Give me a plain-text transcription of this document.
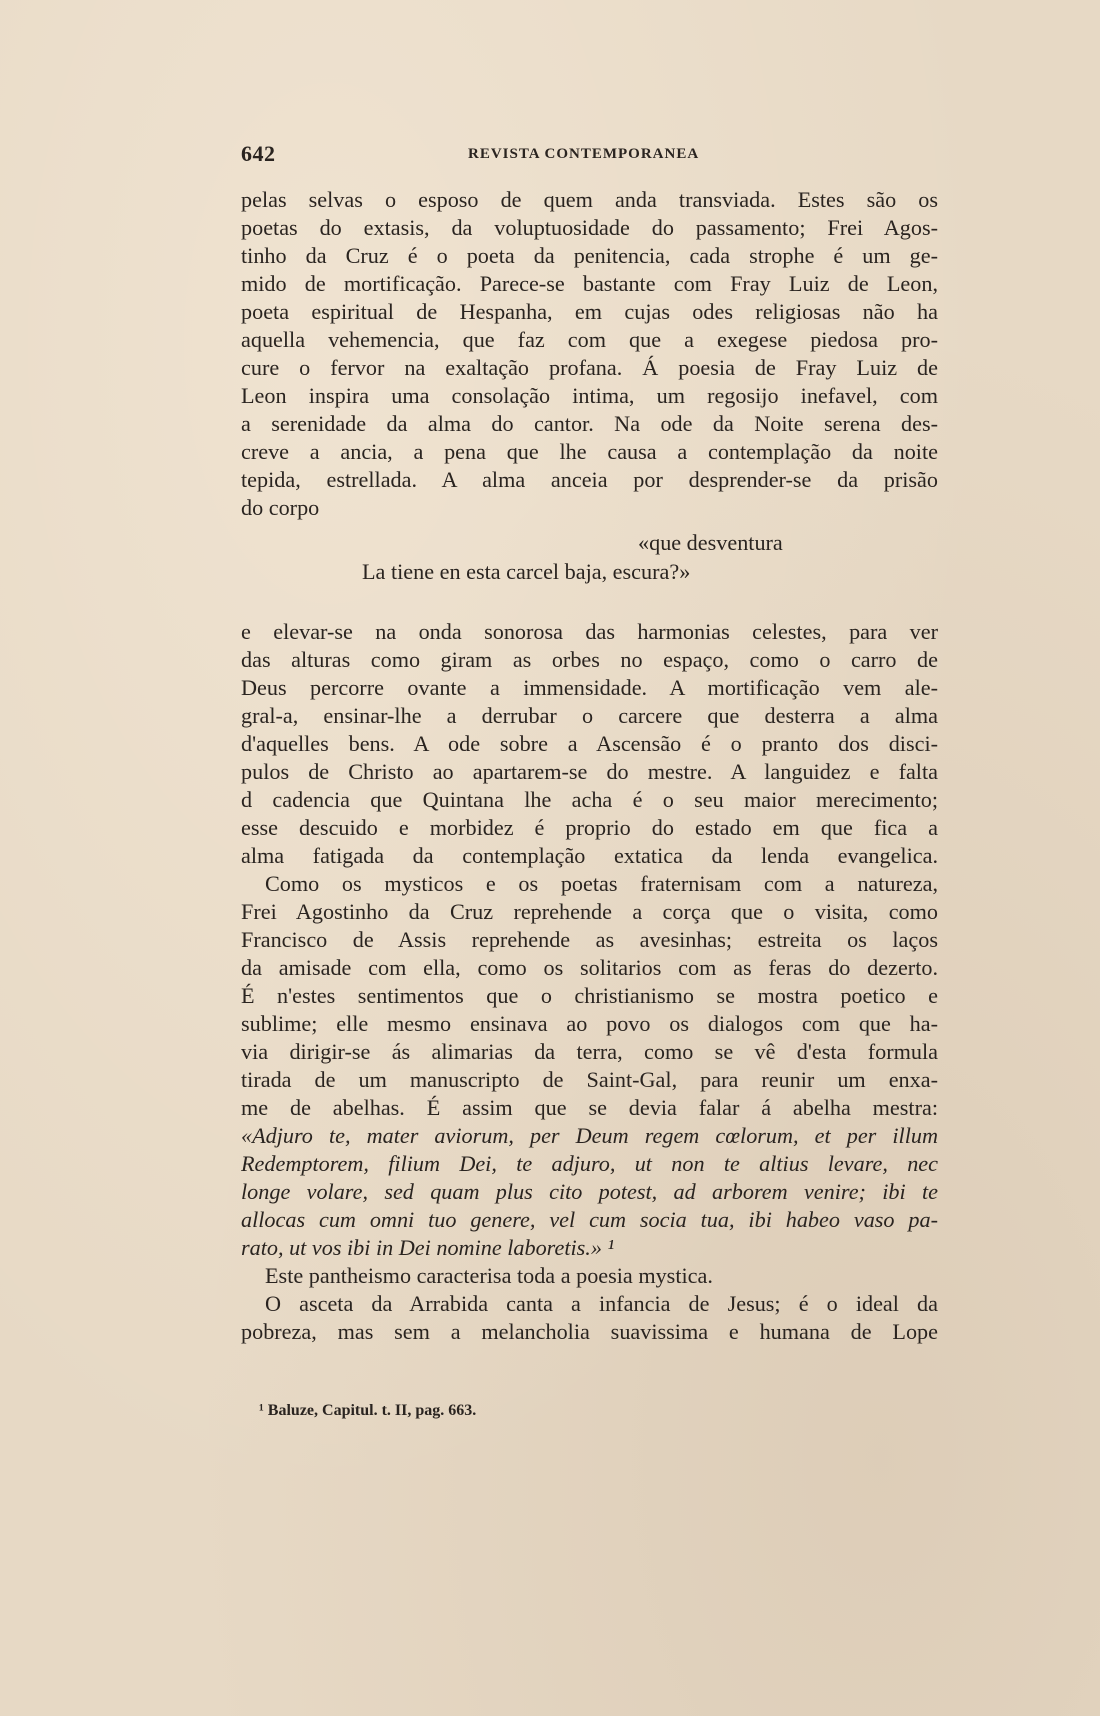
642	REVISTA CONTEMPORANEA
pelas selvas o esposo de quem anda transviada. Estes são os
poetas do extasis, da voluptuosidade do passamento; Frei Agos-
tinho da Cruz é o poeta da penitencia, cada strophe é um ge-
mido de mortificação. Parece-se bastante com Fray Luiz de Leon,
poeta espiritual de Hespanha, em cujas odes religiosas não ha
aquella vehemencia, que faz com que a exegese piedosa pro-
cure o fervor na exaltação profana. Á poesia de Fray Luiz de
Leon inspira uma consolação intima, um regosijo inefavel, com
a serenidade da alma do cantor. Na ode da Noite serena des-
creve a ancia, a pena que lhe causa a contemplação da noite
tepida, estrellada. A alma anceia por desprender-se da prisão
do corpo
«que desventura
La tiene en esta carcel baja, escura?»
e elevar-se na onda sonorosa das harmonias celestes, para ver
das alturas como giram as orbes no espaço, como o carro de
Deus percorre ovante a immensidade. A mortificação vem ale-
gral-a, ensinar-lhe a derrubar o carcere que desterra a alma
d'aquelles bens. A ode sobre a Ascensão é o pranto dos disci-
pulos de Christo ao apartarem-se do mestre. A languidez e falta
d cadencia que Quintana lhe acha é o seu maior merecimento;
esse descuido e morbidez é proprio do estado em que fica a
alma fatigada da contemplação extatica da lenda evangelica.
Como os mysticos e os poetas fraternisam com a natureza,
Frei Agostinho da Cruz reprehende a corça que o visita, como
Francisco de Assis reprehende as avesinhas; estreita os laços
da amisade com ella, como os solitarios com as feras do dezerto.
É n'estes sentimentos que o christianismo se mostra poetico e
sublime; elle mesmo ensinava ao povo os dialogos com que ha-
via dirigir-se ás alimarias da terra, como se vê d'esta formula
tirada de um manuscripto de Saint-Gal, para reunir um enxa-
me de abelhas. É assim que se devia falar á abelha mestra:
«Adjuro te, mater aviorum, per Deum regem cœlorum, et per illum
Redemptorem, filium Dei, te adjuro, ut non te altius levare, nec
longe volare, sed quam plus cito potest, ad arborem venire; ibi te
allocas cum omni tuo genere, vel cum socia tua, ibi habeo vaso pa-
rato, ut vos ibi in Dei nomine laboretis.» ¹
Este pantheismo caracterisa toda a poesia mystica.
O asceta da Arrabida canta a infancia de Jesus; é o ideal da
pobreza, mas sem a melancholia suavissima e humana de Lope
¹ Baluze, Capitul. t. II, pag. 663.
